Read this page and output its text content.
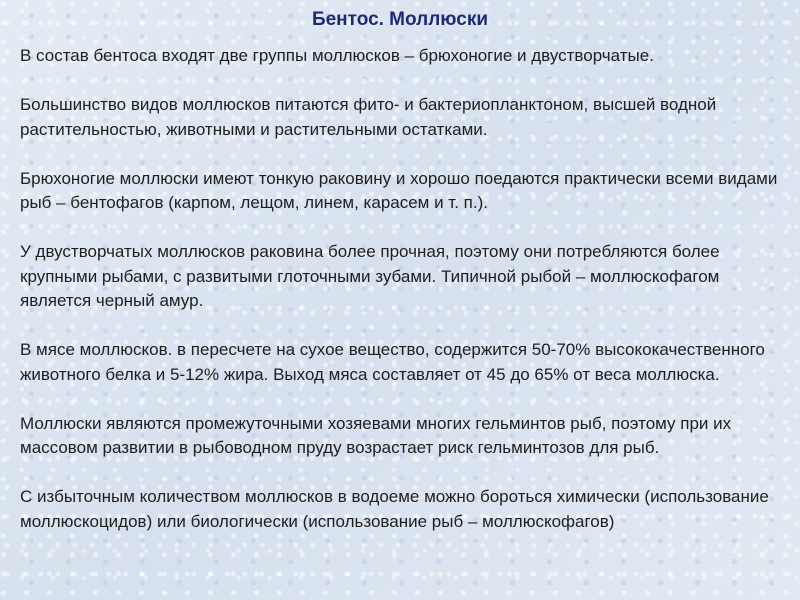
Бентос. Моллюски

В состав бентоса входят две группы моллюсков – брюхоногие и двустворчатые.

Большинство видов моллюсков питаются фито- и бактериопланктоном, высшей водной растительностью, животными и растительными остатками.

Брюхоногие моллюски имеют тонкую раковину и хорошо поедаются практически всеми видами рыб – бентофагов (карпом, лещом, линем, карасем и т. п.).

У двустворчатых моллюсков раковина более прочная, поэтому они потребляются более крупными рыбами, с развитыми глоточными зубами. Типичной рыбой – моллюскофагом является черный амур.

В мясе моллюсков. в пересчете на сухое вещество, содержится 50-70% высококачественного животного белка и 5-12% жира. Выход мяса составляет от 45 до 65% от веса моллюска.

Моллюски являются промежуточными хозяевами многих гельминтов рыб, поэтому при их массовом развитии в рыбоводном пруду возрастает риск гельминтозов для рыб.

С избыточным количеством моллюсков в водоеме можно бороться химически (использование моллюскоцидов) или биологически (использование рыб – моллюскофагов)
